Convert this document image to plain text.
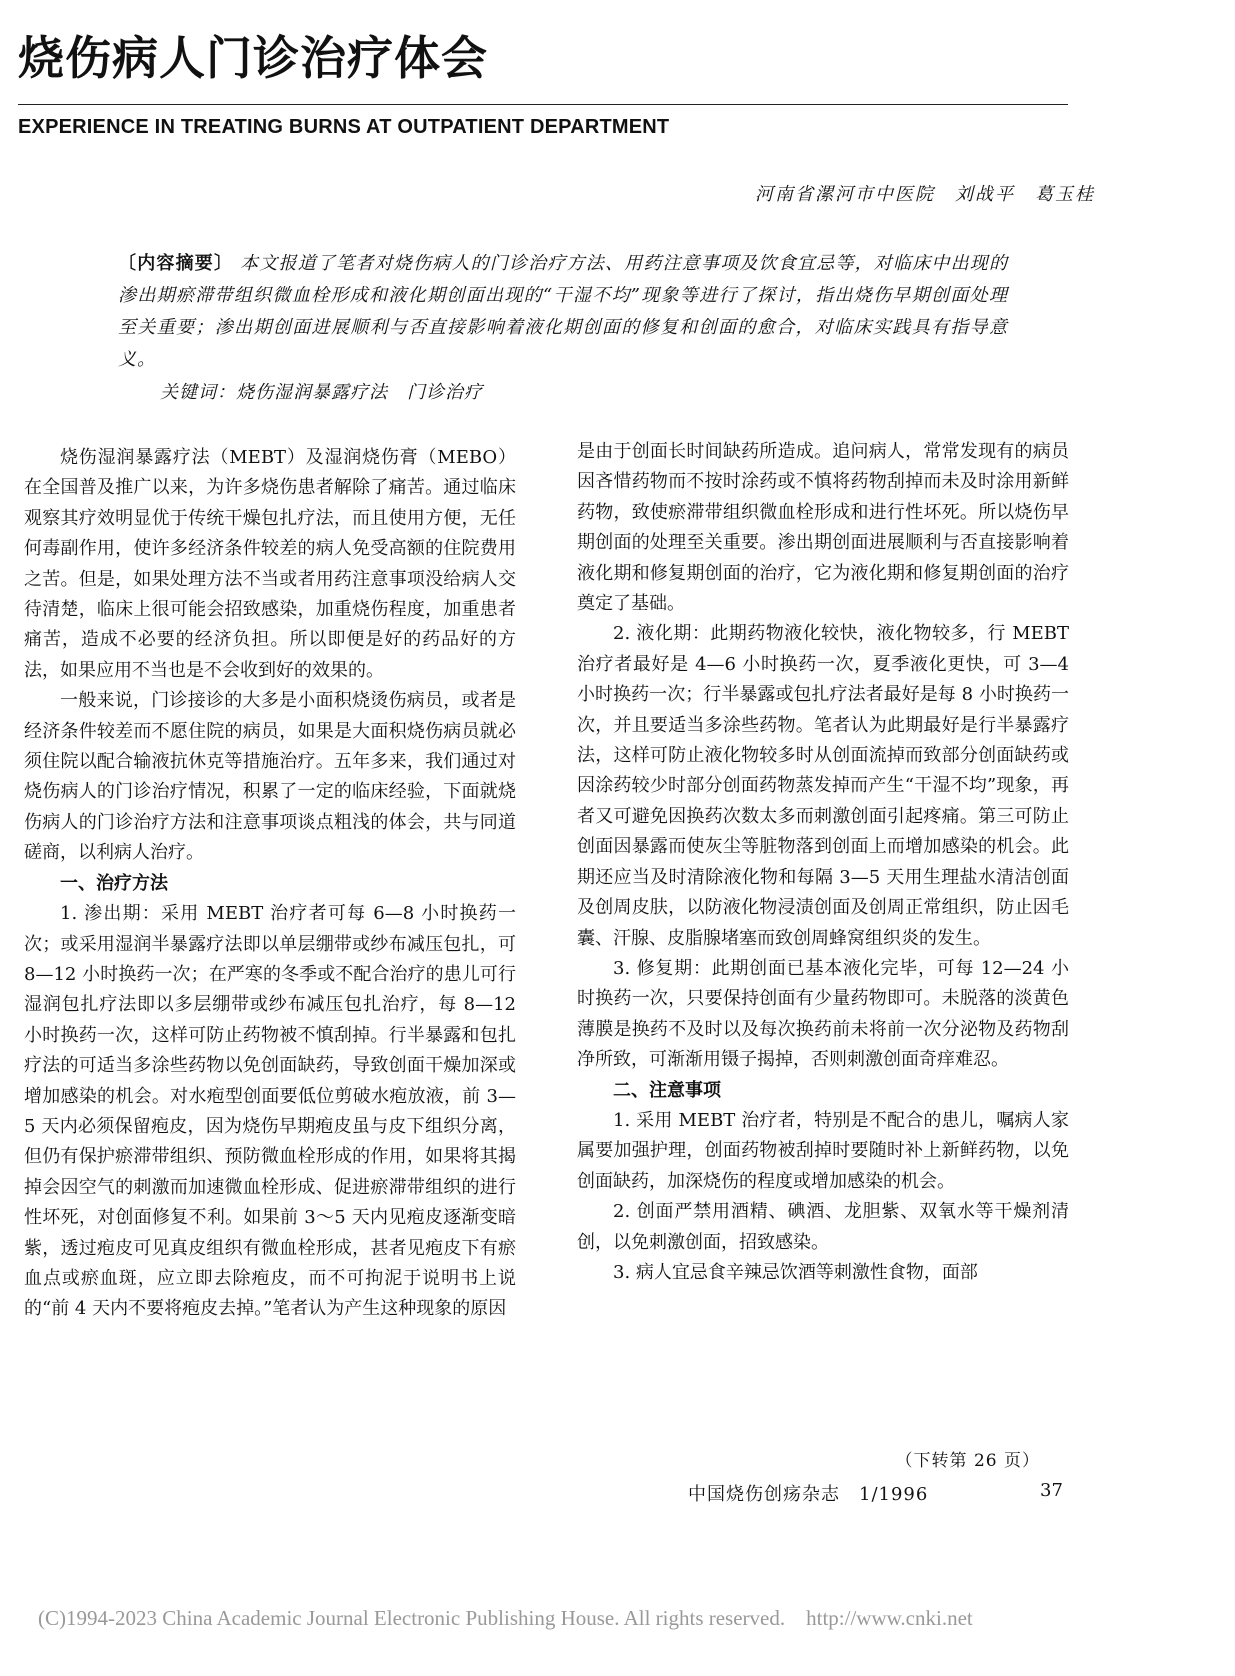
烧伤病人门诊治疗体会
EXPERIENCE IN TREATING BURNS AT OUTPATIENT DEPARTMENT
河南省漯河市中医院　刘战平　葛玉桂
〔内容摘要〕 本文报道了笔者对烧伤病人的门诊治疗方法、用药注意事项及饮食宜忌等，对临床中出现的渗出期瘀滞带组织微血栓形成和液化期创面出现的“干湿不均”现象等进行了探讨，指出烧伤早期创面处理至关重要；渗出期创面进展顺利与否直接影响着液化期创面的修复和创面的愈合，对临床实践具有指导意义。
关键词：烧伤湿润暴露疗法　门诊治疗

烧伤湿润暴露疗法（MEBT）及湿润烧伤膏（MEBO）在全国普及推广以来，为许多烧伤患者解除了痛苦。通过临床观察其疗效明显优于传统干燥包扎疗法，而且使用方便，无任何毒副作用，使许多经济条件较差的病人免受高额的住院费用之苦。但是，如果处理方法不当或者用药注意事项没给病人交待清楚，临床上很可能会招致感染，加重烧伤程度，加重患者痛苦，造成不必要的经济负担。所以即便是好的药品好的方法，如果应用不当也是不会收到好的效果的。

一般来说，门诊接诊的大多是小面积烧烫伤病员，或者是经济条件较差而不愿住院的病员，如果是大面积烧伤病员就必须住院以配合输液抗休克等措施治疗。五年多来，我们通过对烧伤病人的门诊治疗情况，积累了一定的临床经验，下面就烧伤病人的门诊治疗方法和注意事项谈点粗浅的体会，共与同道磋商，以利病人治疗。

一、治疗方法

1. 渗出期：采用 MEBT 治疗者可每 6—8 小时换药一次；或采用湿润半暴露疗法即以单层绷带或纱布减压包扎，可 8—12 小时换药一次；在严寒的冬季或不配合治疗的患儿可行湿润包扎疗法即以多层绷带或纱布减压包扎治疗，每 8—12 小时换药一次，这样可防止药物被不慎刮掉。行半暴露和包扎疗法的可适当多涂些药物以免创面缺药，导致创面干燥加深或增加感染的机会。对水疱型创面要低位剪破水疱放液，前 3—5 天内必须保留疱皮，因为烧伤早期疱皮虽与皮下组织分离，但仍有保护瘀滞带组织、预防微血栓形成的作用，如果将其揭掉会因空气的刺激而加速微血栓形成、促进瘀滞带组织的进行性坏死，对创面修复不利。如果前 3～5 天内见疱皮逐渐变暗紫，透过疱皮可见真皮组织有微血栓形成，甚者见疱皮下有瘀血点或瘀血斑，应立即去除疱皮，而不可拘泥于说明书上说的“前 4 天内不要将疱皮去掉。”笔者认为产生这种现象的原因

是由于创面长时间缺药所造成。追问病人，常常发现有的病员因吝惜药物而不按时涂药或不慎将药物刮掉而未及时涂用新鲜药物，致使瘀滞带组织微血栓形成和进行性坏死。所以烧伤早期创面的处理至关重要。渗出期创面进展顺利与否直接影响着液化期和修复期创面的治疗，它为液化期和修复期创面的治疗奠定了基础。

2. 液化期：此期药物液化较快，液化物较多，行 MEBT 治疗者最好是 4—6 小时换药一次，夏季液化更快，可 3—4 小时换药一次；行半暴露或包扎疗法者最好是每 8 小时换药一次，并且要适当多涂些药物。笔者认为此期最好是行半暴露疗法，这样可防止液化物较多时从创面流掉而致部分创面缺药或因涂药较少时部分创面药物蒸发掉而产生“干湿不均”现象，再者又可避免因换药次数太多而刺激创面引起疼痛。第三可防止创面因暴露而使灰尘等脏物落到创面上而增加感染的机会。此期还应当及时清除液化物和每隔 3—5 天用生理盐水清洁创面及创周皮肤，以防液化物浸渍创面及创周正常组织，防止因毛囊、汗腺、皮脂腺堵塞而致创周蜂窝组织炎的发生。

3. 修复期：此期创面已基本液化完毕，可每 12—24 小时换药一次，只要保持创面有少量药物即可。未脱落的淡黄色薄膜是换药不及时以及每次换药前未将前一次分泌物及药物刮净所致，可渐渐用镊子揭掉，否则刺激创面奇痒难忍。

二、注意事项

1. 采用 MEBT 治疗者，特别是不配合的患儿，嘱病人家属要加强护理，创面药物被刮掉时要随时补上新鲜药物，以免创面缺药，加深烧伤的程度或增加感染的机会。

2. 创面严禁用酒精、碘酒、龙胆紫、双氧水等干燥剂清创，以免刺激创面，招致感染。

3. 病人宜忌食辛辣忌饮酒等刺激性食物，面部

（下转第 26 页）
中国烧伤创疡杂志　1/1996	37
(C)1994-2023 China Academic Journal Electronic Publishing House. All rights reserved.    http://www.cnki.net
